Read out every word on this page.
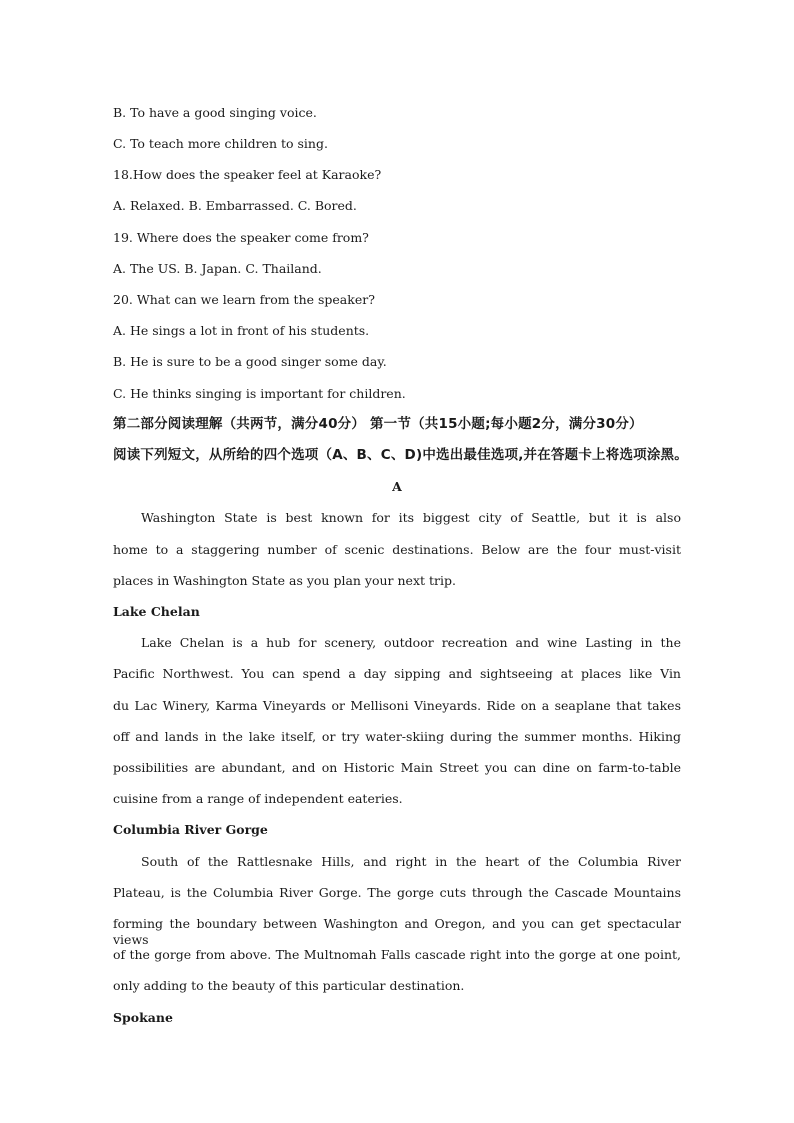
B. To have a good singing voice.
C. To teach more children to sing.
18.How does the speaker feel at Karaoke?
A. Relaxed. B. Embarrassed. C. Bored.
19. Where does the speaker come from?
A. The US. B. Japan. C. Thailand.
20. What can we learn from the speaker?
A. He sings a lot in front of his students.
B. He is sure to be a good singer some day.
C. He thinks singing is important for children.
第二部分阅读理解（共两节，满分40分） 第一节（共15小题;每小题2分，满分30分）
阅读下列短文，从所给的四个选项（A、B、C、D)中选出最佳选项,并在答题卡上将选项涂黑。
A
Washington State is best known for its biggest city of Seattle, but it is also
home to a staggering number of scenic destinations. Below are the four must-visit
places in Washington State as you plan your next trip.
Lake Chelan
Lake Chelan is a hub for scenery, outdoor recreation and wine Lasting in the
Pacific Northwest. You can spend a day sipping and sightseeing at places like Vin
du Lac Winery, Karma Vineyards or Mellisoni Vineyards. Ride on a seaplane that takes
off and lands in the lake itself, or try water-skiing during the summer months. Hiking
possibilities are abundant, and on Historic Main Street you can dine on farm-to-table
cuisine from a range of independent eateries.
Columbia River Gorge
South of the Rattlesnake Hills, and right in the heart of the Columbia River
Plateau, is the Columbia River Gorge. The gorge cuts through the Cascade Mountains
forming the boundary between Washington and Oregon, and you can get spectacular views
of the gorge from above. The Multnomah Falls cascade right into the gorge at one point,
only adding to the beauty of this particular destination.
Spokane
